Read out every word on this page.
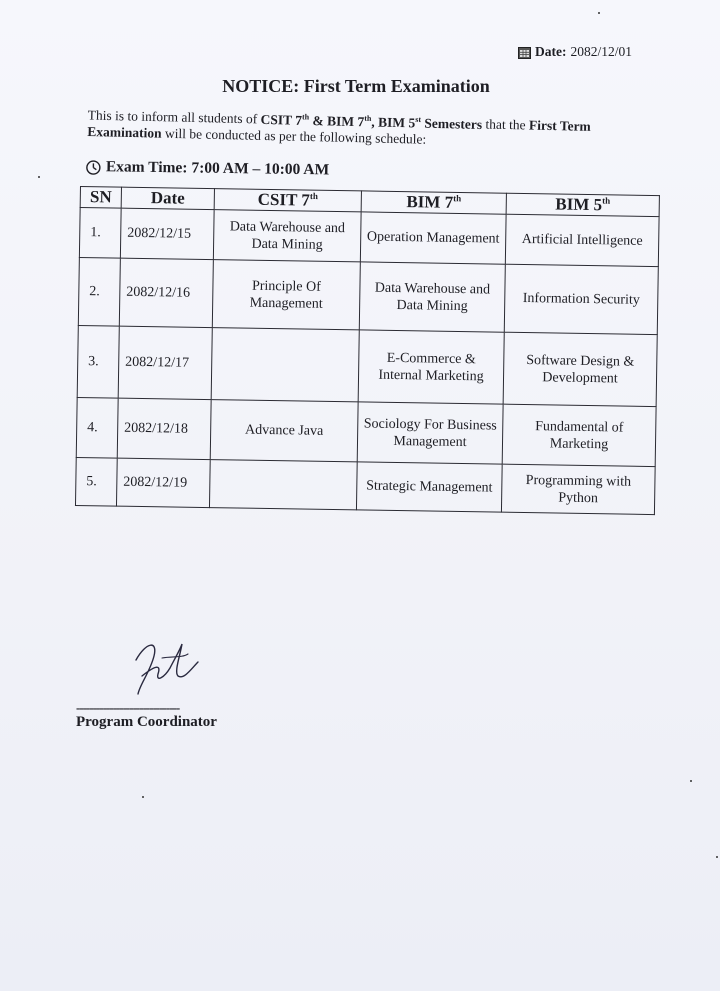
Date: 2082/12/01
NOTICE: First Term Examination
This is to inform all students of CSIT 7th & BIM 7th, BIM 5st Semesters that the First Term
Examination will be conducted as per the following schedule:
Exam Time: 7:00 AM – 10:00 AM
SN	Date	CSIT 7th	BIM 7th	BIM 5th
1.	2082/12/15	Data Warehouse and Data Mining	Operation Management	Artificial Intelligence
2.	2082/12/16	Principle Of Management	Data Warehouse and Data Mining	Information Security
3.	2082/12/17		E-Commerce & Internal Marketing	Software Design & Development
4.	2082/12/18	Advance Java	Sociology For Business Management	Fundamental of Marketing
5.	2082/12/19		Strategic Management	Programming with Python
-------------------------------
Program Coordinator
